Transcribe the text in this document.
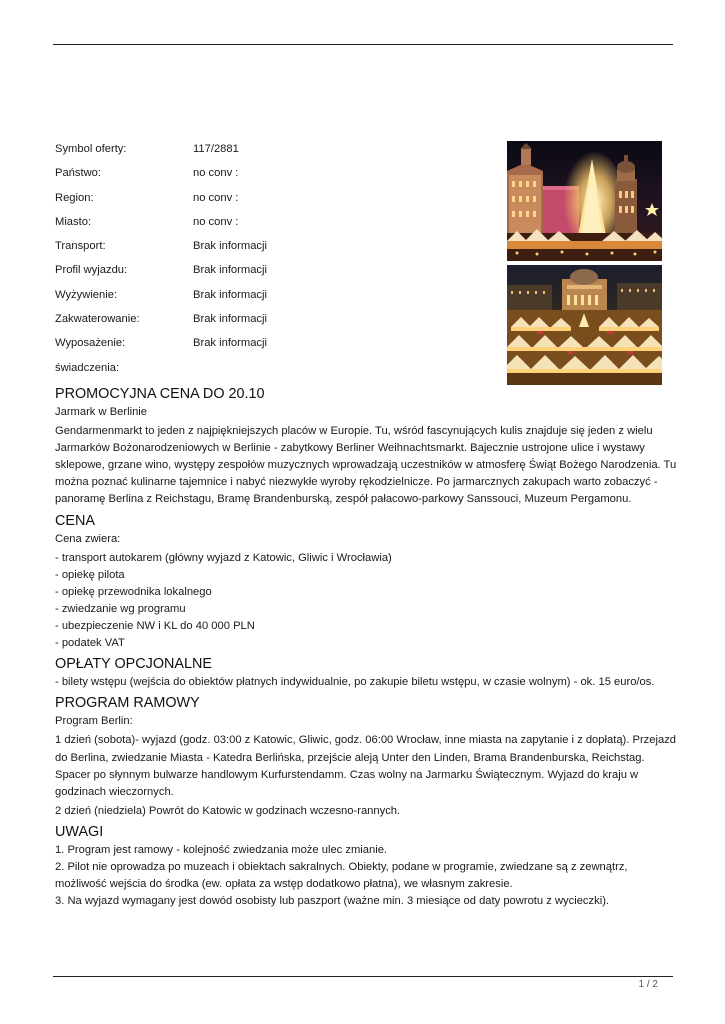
Symbol oferty:	117/2881
Państwo:	no conv :
Region:	no conv :
Miasto:	no conv :
Transport:	Brak informacji
Profil wyjazdu:	Brak informacji
Wyżywienie:	Brak informacji
Zakwaterowanie:	Brak informacji
Wyposażenie:	Brak informacji
świadczenia:
PROMOCYJNA CENA DO 20.10

Jarmark w Berlinie

Gendarmenmarkt to jeden z najpiękniejszych placów w Europie. Tu, wśród fascynujących kulis znajduje się jeden z wielu Jarmarków Bożonarodzeniowych w Berlinie - zabytkowy Berliner Weihnachtsmarkt. Bajecznie ustrojone ulice i wystawy sklepowe, grzane wino, występy zespołów muzycznych wprowadzają uczestników w atmosferę Świąt Bożego Narodzenia. Tu można poznać kulinarne tajemnice i nabyć niezwykłe wyroby rękodzielnicze. Po jarmarcznych zakupach warto zobaczyć - panoramę Berlina z Reichstagu, Bramę Brandenburską, zespół pałacowo-parkowy Sanssouci, Muzeum Pergamonu.

CENA

Cena zwiera:

- transport autokarem (główny wyjazd z Katowic, Gliwic i Wrocławia)
- opiekę pilota
- opiekę przewodnika lokalnego
- zwiedzanie wg programu
- ubezpieczenie NW i KL do 40 000 PLN
- podatek VAT
OPŁATY OPCJONALNE

- bilety wstępu (wejścia do obiektów płatnych indywidualnie, po zakupie biletu wstępu, w czasie wolnym) - ok. 15 euro/os.

PROGRAM RAMOWY

Program Berlin:

1 dzień (sobota)- wyjazd (godz. 03:00 z Katowic, Gliwic, godz. 06:00 Wrocław, inne miasta na zapytanie i z dopłatą). Przejazd do Berlina, zwiedzanie Miasta - Katedra Berlińska, przejście aleją Unter den Linden, Brama Brandenburska, Reichstag. Spacer po słynnym bulwarze handlowym Kurfurstendamm. Czas wolny na Jarmarku Świątecznym. Wyjazd do kraju w godzinach wieczornych.

2 dzień (niedziela) Powrót do Katowic w godzinach wczesno-rannych.

UWAGI
1. Program jest ramowy - kolejność zwiedzania może ulec zmianie.
2. Pilot nie oprowadza po muzeach i obiektach sakralnych. Obiekty, podane w programie, zwiedzane są z zewnątrz, możliwość wejścia do środka (ew. opłata za wstęp dodatkowo płatna), we własnym zakresie.
3. Na wyjazd wymagany jest dowód osobisty lub paszport (ważne min. 3 miesiące od daty powrotu z wycieczki).
1 / 2
